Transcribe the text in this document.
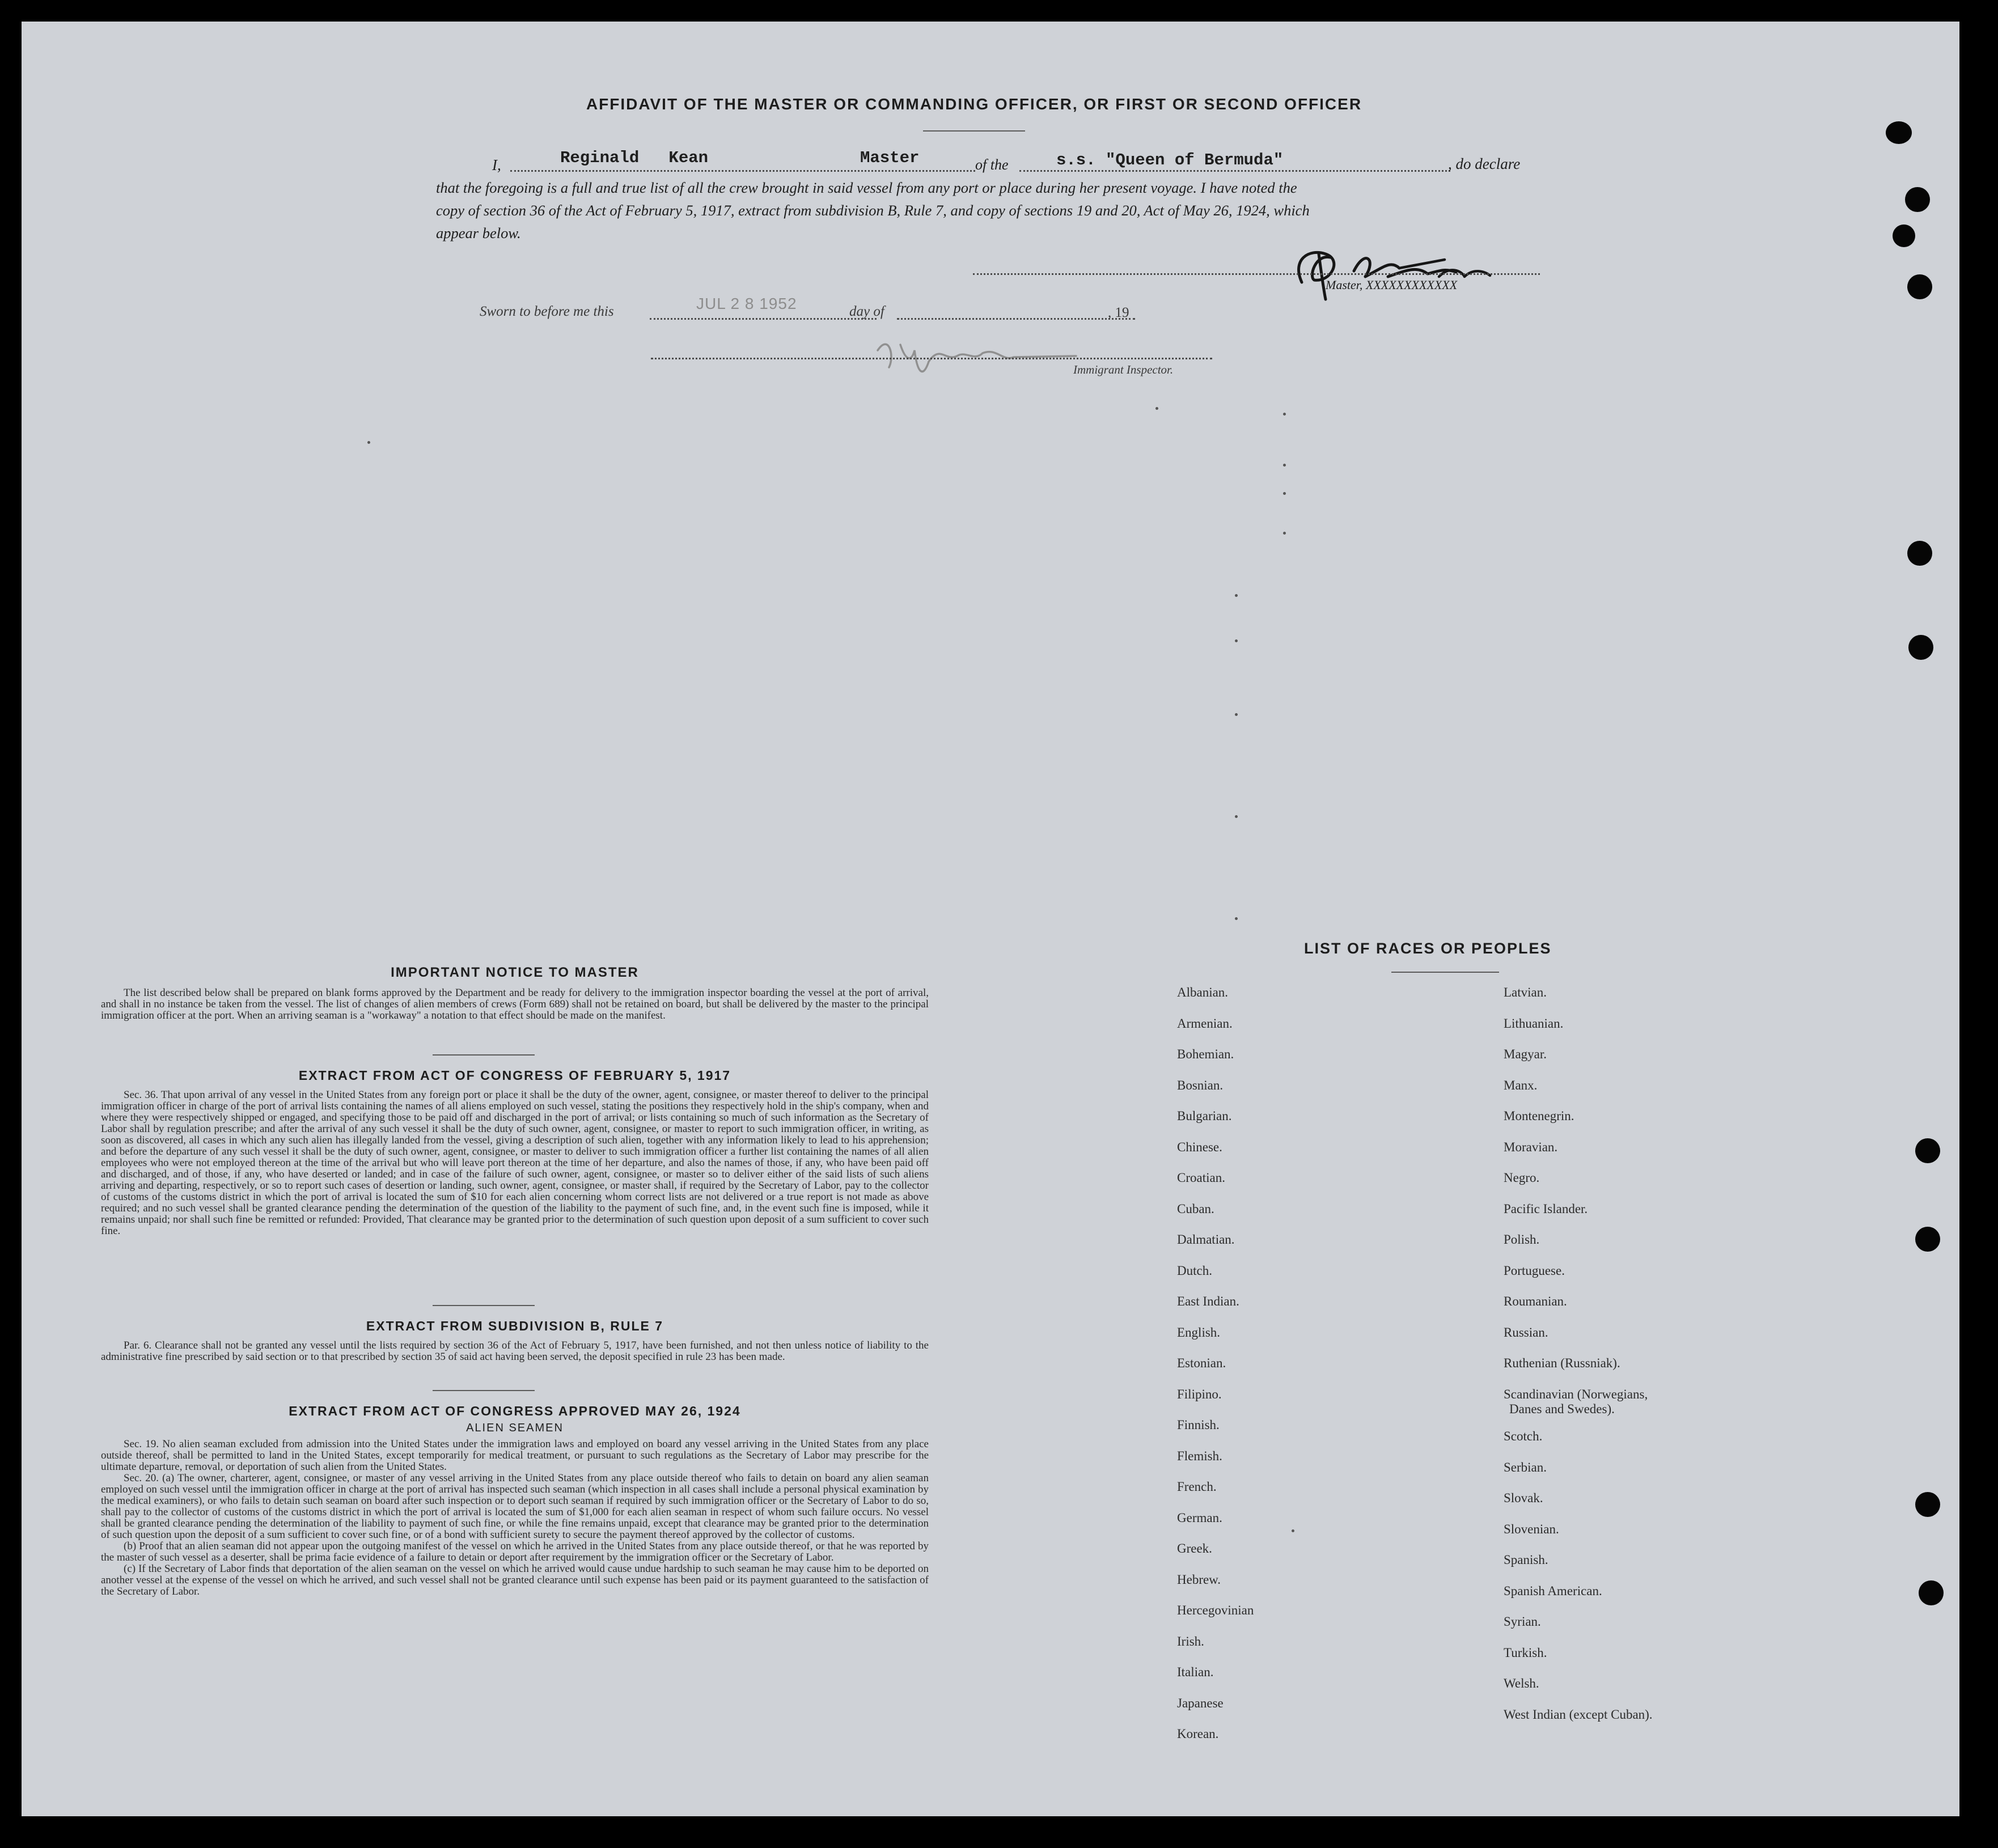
AFFIDAVIT OF THE MASTER OR COMMANDING OFFICER, OR FIRST OR SECOND OFFICER
I,	Reginald   Kean	Master	of the	s.s. "Queen of Bermuda"	, do declare
that the foregoing is a full and true list of all the crew brought in said vessel from any port or place during her present voyage. I have noted the
copy of section 36 of the Act of February 5, 1917, extract from subdivision B, Rule 7, and copy of sections 19 and 20, Act of May 26, 1924, which
appear below.
Master, XXXXXXXXXXXX
Sworn to before me this	JUL 2 8 1952	day of	, 19
Immigrant Inspector.
IMPORTANT NOTICE TO MASTER

The list described below shall be prepared on blank forms approved by the Department and be ready for delivery to the immigration inspector boarding the vessel at the port of arrival, and shall in no instance be taken from the vessel. The list of changes of alien members of crews (Form 689) shall not be retained on board, but shall be delivered by the master to the principal immigration officer at the port. When an arriving seaman is a "workaway" a notation to that effect should be made on the manifest.

EXTRACT FROM ACT OF CONGRESS OF FEBRUARY 5, 1917

Sec. 36. That upon arrival of any vessel in the United States from any foreign port or place it shall be the duty of the owner, agent, consignee, or master thereof to deliver to the principal immigration officer in charge of the port of arrival lists containing the names of all aliens employed on such vessel, stating the positions they respectively hold in the ship's company, when and where they were respectively shipped or engaged, and specifying those to be paid off and discharged in the port of arrival; or lists containing so much of such information as the Secretary of Labor shall by regulation prescribe; and after the arrival of any such vessel it shall be the duty of such owner, agent, consignee, or master to report to such immigration officer, in writing, as soon as discovered, all cases in which any such alien has illegally landed from the vessel, giving a description of such alien, together with any information likely to lead to his apprehension; and before the departure of any such vessel it shall be the duty of such owner, agent, consignee, or master to deliver to such immigration officer a further list containing the names of all alien employees who were not employed thereon at the time of the arrival but who will leave port thereon at the time of her departure, and also the names of those, if any, who have been paid off and discharged, and of those, if any, who have deserted or landed; and in case of the failure of such owner, agent, consignee, or master so to deliver either of the said lists of such aliens arriving and departing, respectively, or so to report such cases of desertion or landing, such owner, agent, consignee, or master shall, if required by the Secretary of Labor, pay to the collector of customs of the customs district in which the port of arrival is located the sum of $10 for each alien concerning whom correct lists are not delivered or a true report is not made as above required; and no such vessel shall be granted clearance pending the determination of the question of the liability to the payment of such fine, and, in the event such fine is imposed, while it remains unpaid; nor shall such fine be remitted or refunded: Provided, That clearance may be granted prior to the determination of such question upon deposit of a sum sufficient to cover such fine.

EXTRACT FROM SUBDIVISION B, RULE 7

Par. 6. Clearance shall not be granted any vessel until the lists required by section 36 of the Act of February 5, 1917, have been furnished, and not then unless notice of liability to the administrative fine prescribed by said section or to that prescribed by section 35 of said act having been served, the deposit specified in rule 23 has been made.

EXTRACT FROM ACT OF CONGRESS APPROVED MAY 26, 1924
ALIEN SEAMEN

Sec. 19. No alien seaman excluded from admission into the United States under the immigration laws and employed on board any vessel arriving in the United States from any place outside thereof, shall be permitted to land in the United States, except temporarily for medical treatment, or pursuant to such regulations as the Secretary of Labor may prescribe for the ultimate departure, removal, or deportation of such alien from the United States.

Sec. 20. (a) The owner, charterer, agent, consignee, or master of any vessel arriving in the United States from any place outside thereof who fails to detain on board any alien seaman employed on such vessel until the immigration officer in charge at the port of arrival has inspected such seaman (which inspection in all cases shall include a personal physical examination by the medical examiners), or who fails to detain such seaman on board after such inspection or to deport such seaman if required by such immigration officer or the Secretary of Labor to do so, shall pay to the collector of customs of the customs district in which the port of arrival is located the sum of $1,000 for each alien seaman in respect of whom such failure occurs. No vessel shall be granted clearance pending the determination of the liability to payment of such fine, or while the fine remains unpaid, except that clearance may be granted prior to the determination of such question upon the deposit of a sum sufficient to cover such fine, or of a bond with sufficient surety to secure the payment thereof approved by the collector of customs.

(b) Proof that an alien seaman did not appear upon the outgoing manifest of the vessel on which he arrived in the United States from any place outside thereof, or that he was reported by the master of such vessel as a deserter, shall be prima facie evidence of a failure to detain or deport after requirement by the immigration officer or the Secretary of Labor.

(c) If the Secretary of Labor finds that deportation of the alien seaman on the vessel on which he arrived would cause undue hardship to such seaman he may cause him to be deported on another vessel at the expense of the vessel on which he arrived, and such vessel shall not be granted clearance until such expense has been paid or its payment guaranteed to the satisfaction of the Secretary of Labor.

LIST OF RACES OR PEOPLES
Albanian.
Armenian.
Bohemian.
Bosnian.
Bulgarian.
Chinese.
Croatian.
Cuban.
Dalmatian.
Dutch.
East Indian.
English.
Estonian.
Filipino.
Finnish.
Flemish.
French.
German.
Greek.
Hebrew.
Hercegovinian
Irish.
Italian.
Japanese
Korean.
Latvian.
Lithuanian.
Magyar.
Manx.
Montenegrin.
Moravian.
Negro.
Pacific Islander.
Polish.
Portuguese.
Roumanian.
Russian.
Ruthenian (Russniak).
Scandinavian (Norwegians,
Danes and Swedes).
Scotch.
Serbian.
Slovak.
Slovenian.
Spanish.
Spanish American.
Syrian.
Turkish.
Welsh.
West Indian (except Cuban).
